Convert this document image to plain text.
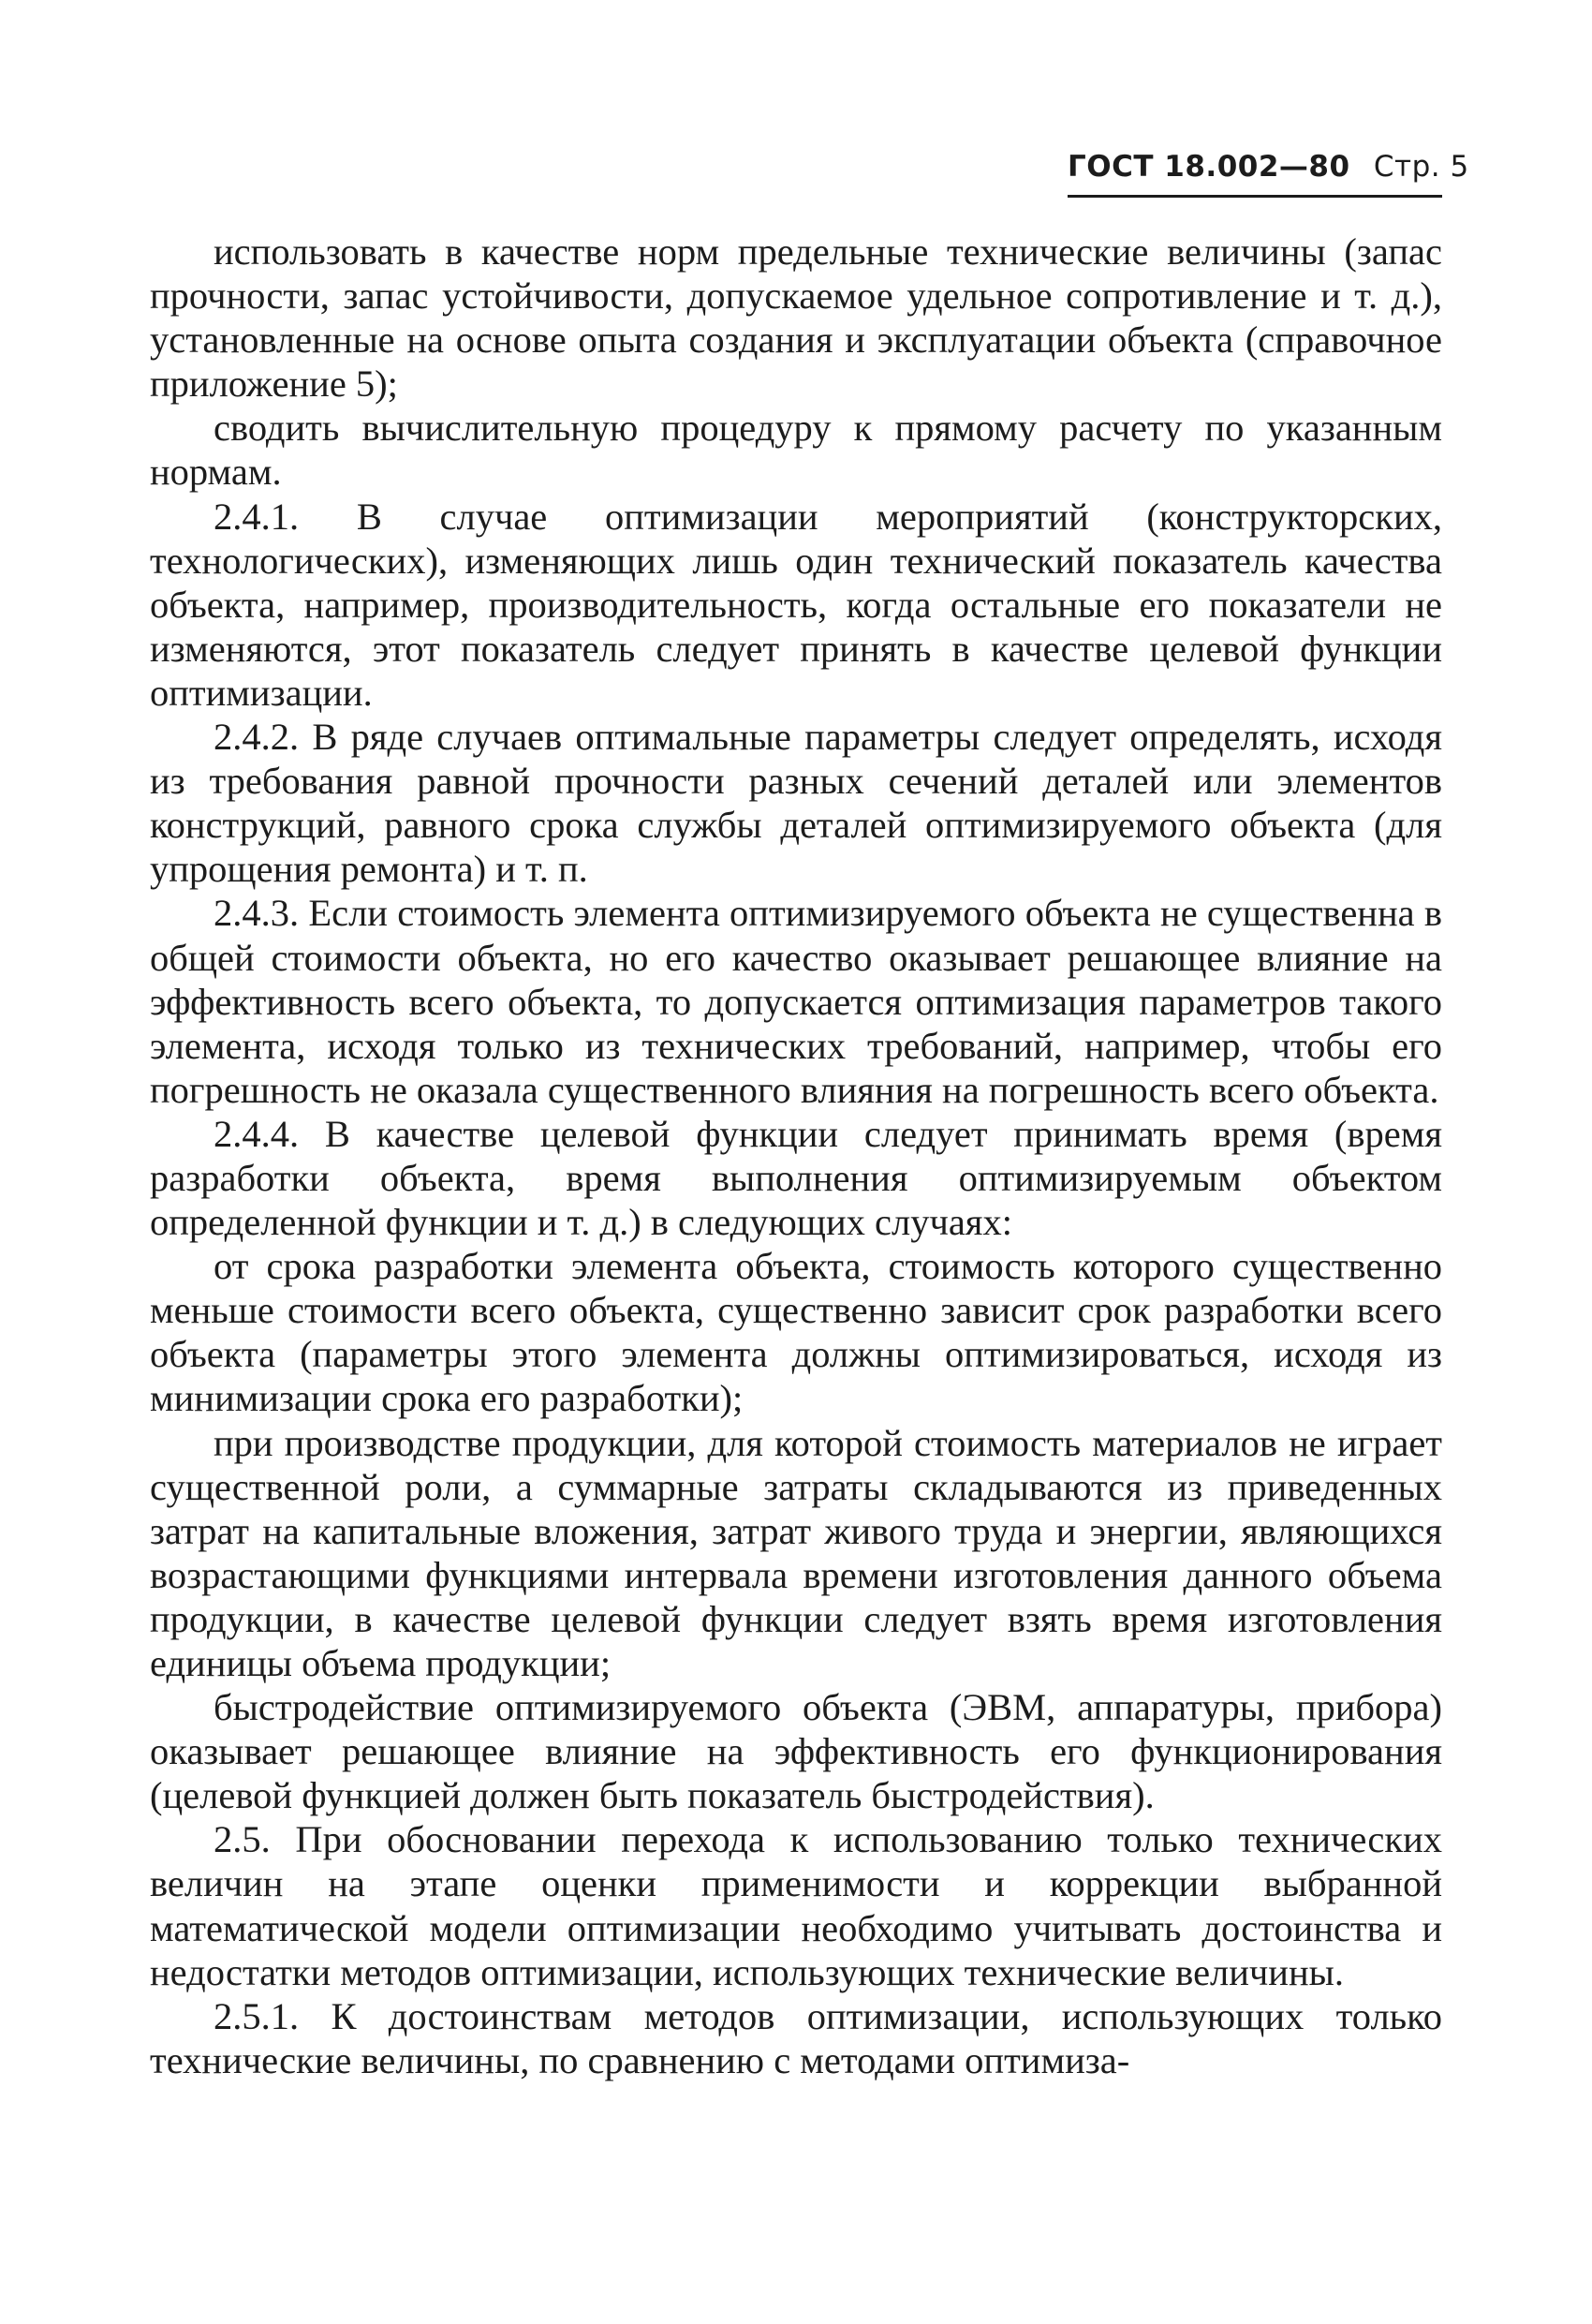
ГОСТ 18.002—80 Стр. 5

использовать в качестве норм предельные технические величины (запас прочности, запас устойчивости, допускаемое удельное сопротивление и т. д.), установленные на основе опыта создания и эксплуатации объекта (справочное приложение 5);

сводить вычислительную процедуру к прямому расчету по указанным нормам.

2.4.1. В случае оптимизации мероприятий (конструкторских, технологических), изменяющих лишь один технический показатель качества объекта, например, производительность, когда остальные его показатели не изменяются, этот показатель следует принять в качестве целевой функции оптимизации.

2.4.2. В ряде случаев оптимальные параметры следует определять, исходя из требования равной прочности разных сечений деталей или элементов конструкций, равного срока службы деталей оптимизируемого объекта (для упрощения ремонта) и т. п.

2.4.3. Если стоимость элемента оптимизируемого объекта не существенна в общей стоимости объекта, но его качество оказывает решающее влияние на эффективность всего объекта, то допускается оптимизация параметров такого элемента, исходя только из технических требований, например, чтобы его погрешность не оказала существенного влияния на погрешность всего объекта.

2.4.4. В качестве целевой функции следует принимать время (время разработки объекта, время выполнения оптимизируемым объектом определенной функции и т. д.) в следующих случаях:

от срока разработки элемента объекта, стоимость которого существенно меньше стоимости всего объекта, существенно зависит срок разработки всего объекта (параметры этого элемента должны оптимизироваться, исходя из минимизации срока его разработки);

при производстве продукции, для которой стоимость материалов не играет существенной роли, а суммарные затраты складываются из приведенных затрат на капитальные вложения, затрат живого труда и энергии, являющихся возрастающими функциями интервала времени изготовления данного объема продукции, в качестве целевой функции следует взять время изготовления единицы объема продукции;

быстродействие оптимизируемого объекта (ЭВМ, аппаратуры, прибора) оказывает решающее влияние на эффективность его функционирования (целевой функцией должен быть показатель быстродействия).

2.5. При обосновании перехода к использованию только технических величин на этапе оценки применимости и коррекции выбранной математической модели оптимизации необходимо учитывать достоинства и недостатки методов оптимизации, использующих технические величины.

2.5.1. К достоинствам методов оптимизации, использующих только технические величины, по сравнению с методами оптимиза-
